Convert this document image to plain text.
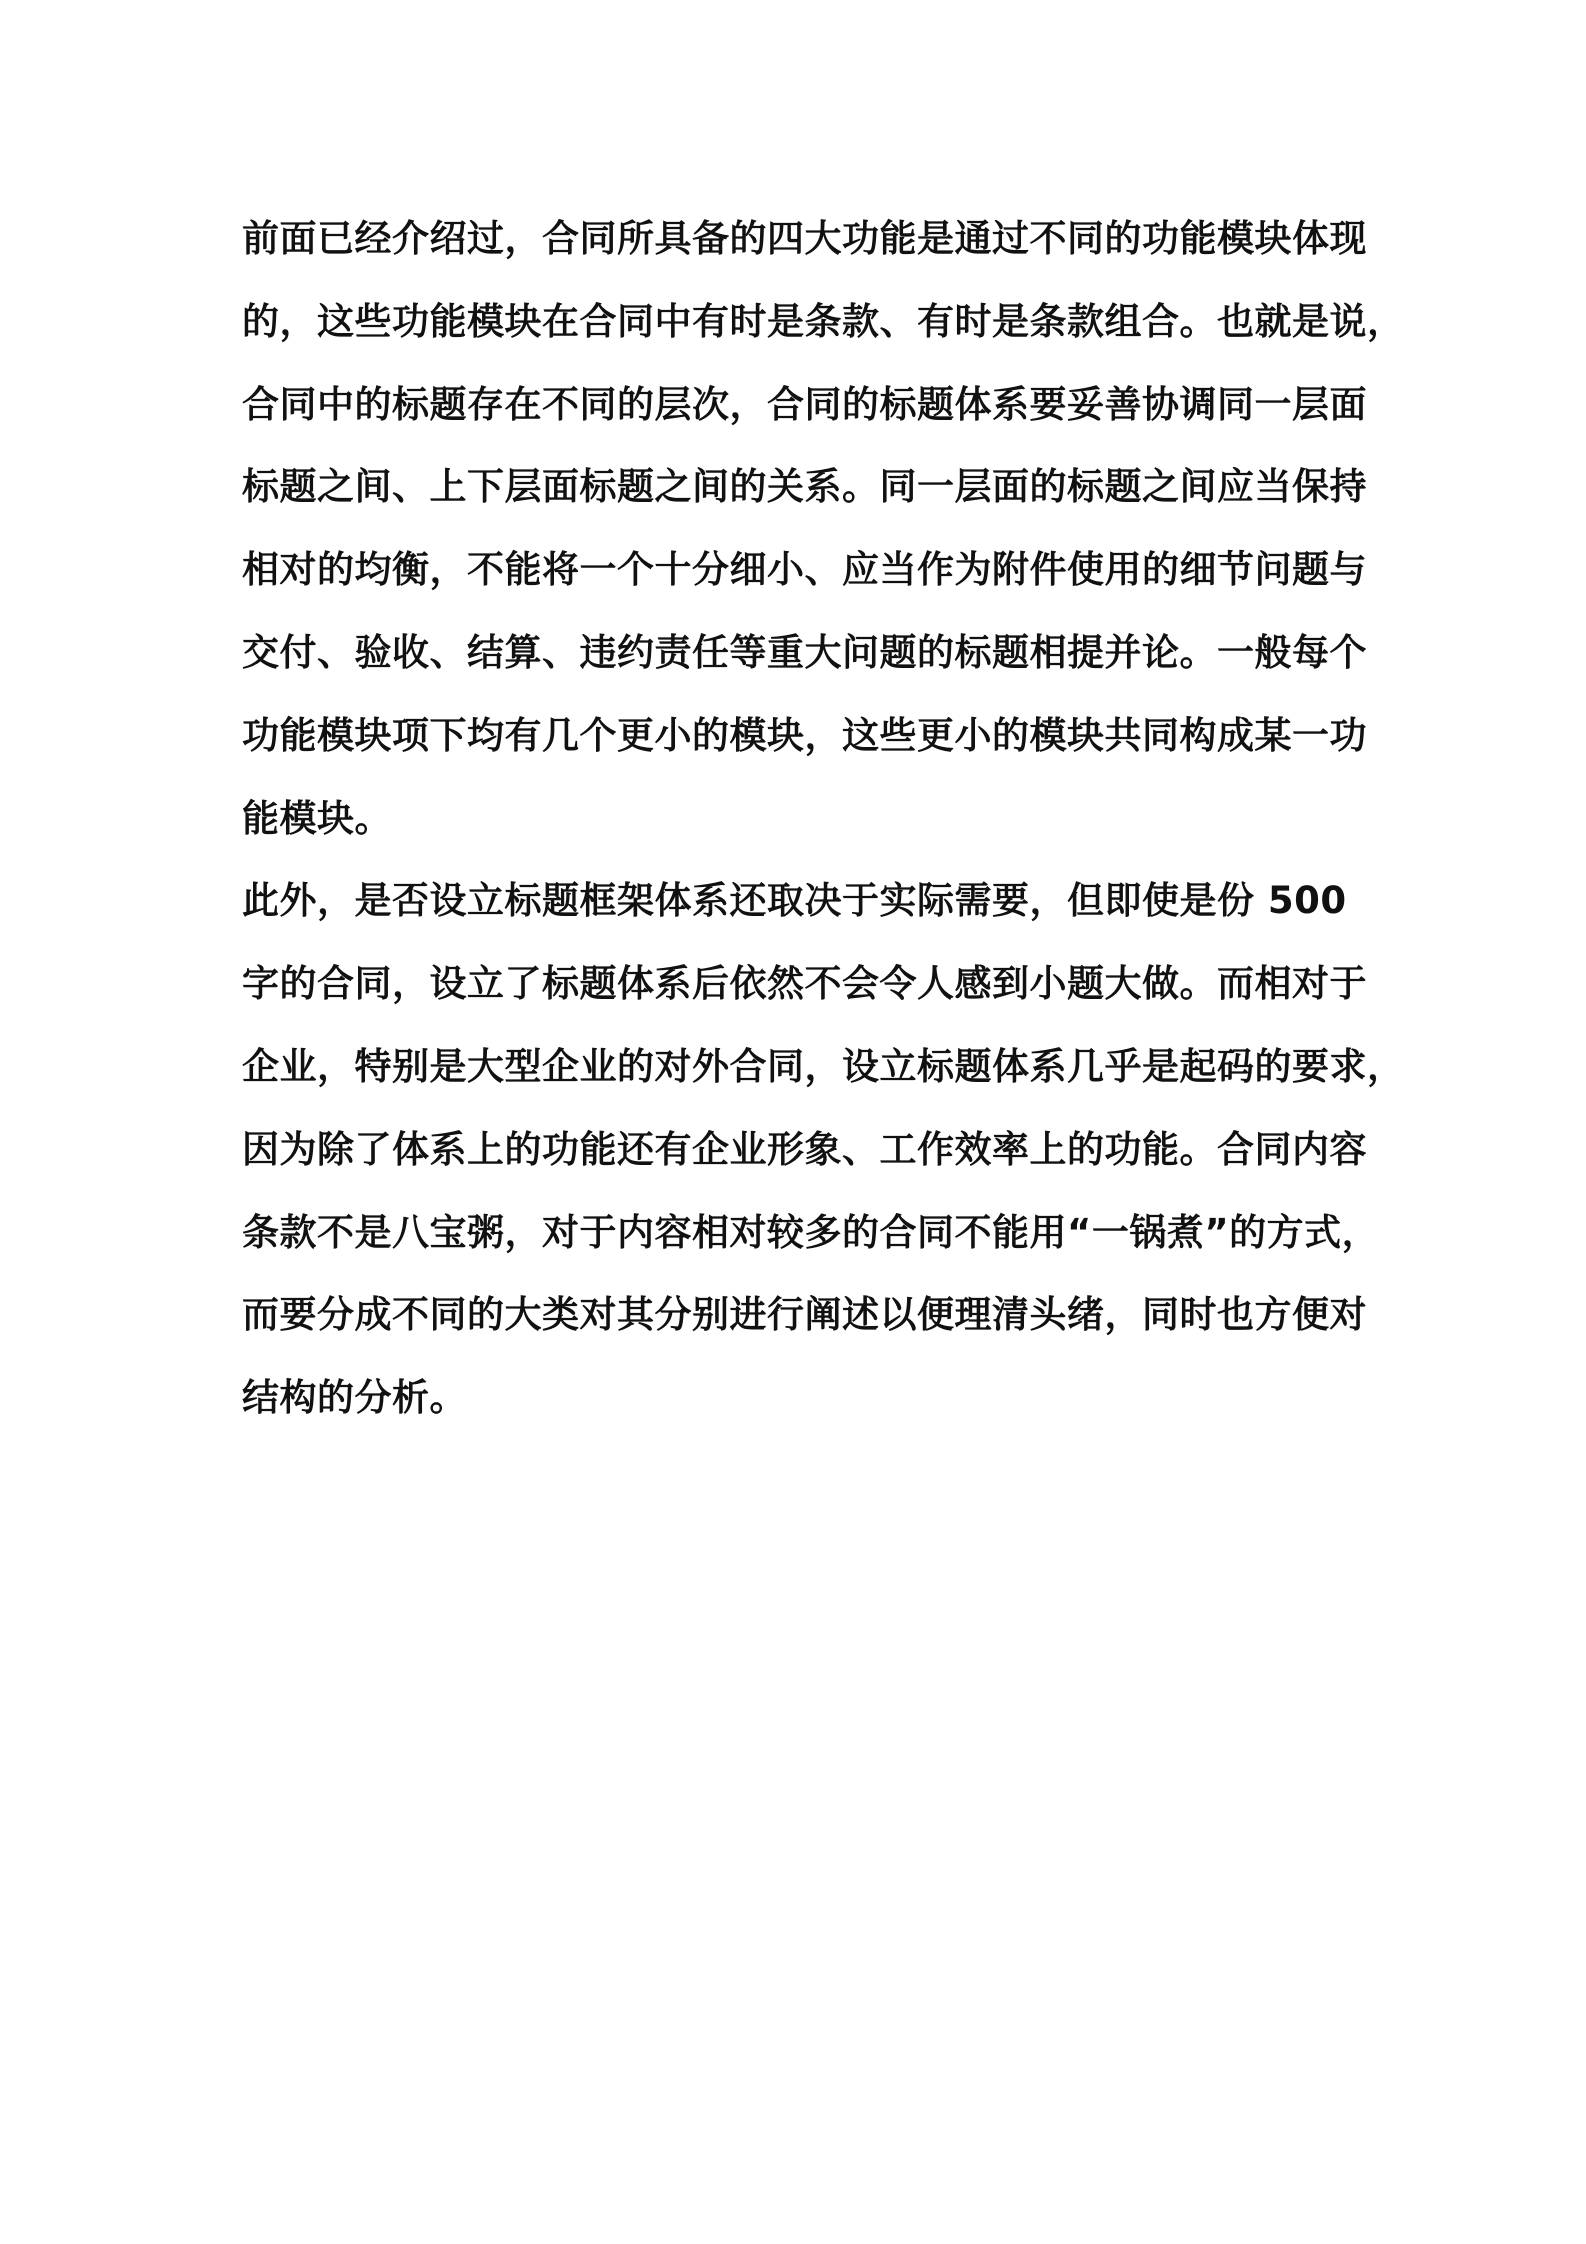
前面已经介绍过，合同所具备的四大功能是通过不同的功能模块体现
的，这些功能模块在合同中有时是条款、有时是条款组合。也就是说，
合同中的标题存在不同的层次，合同的标题体系要妥善协调同一层面
标题之间、上下层面标题之间的关系。同一层面的标题之间应当保持
相对的均衡，不能将一个十分细小、应当作为附件使用的细节问题与
交付、验收、结算、违约责任等重大问题的标题相提并论。一般每个
功能模块项下均有几个更小的模块，这些更小的模块共同构成某一功
能模块。
此外，是否设立标题框架体系还取决于实际需要，但即使是份 500
字的合同，设立了标题体系后依然不会令人感到小题大做。而相对于
企业，特别是大型企业的对外合同，设立标题体系几乎是起码的要求，
因为除了体系上的功能还有企业形象、工作效率上的功能。合同内容
条款不是八宝粥，对于内容相对较多的合同不能用“一锅煮”的方式，
而要分成不同的大类对其分别进行阐述以便理清头绪，同时也方便对
结构的分析。
